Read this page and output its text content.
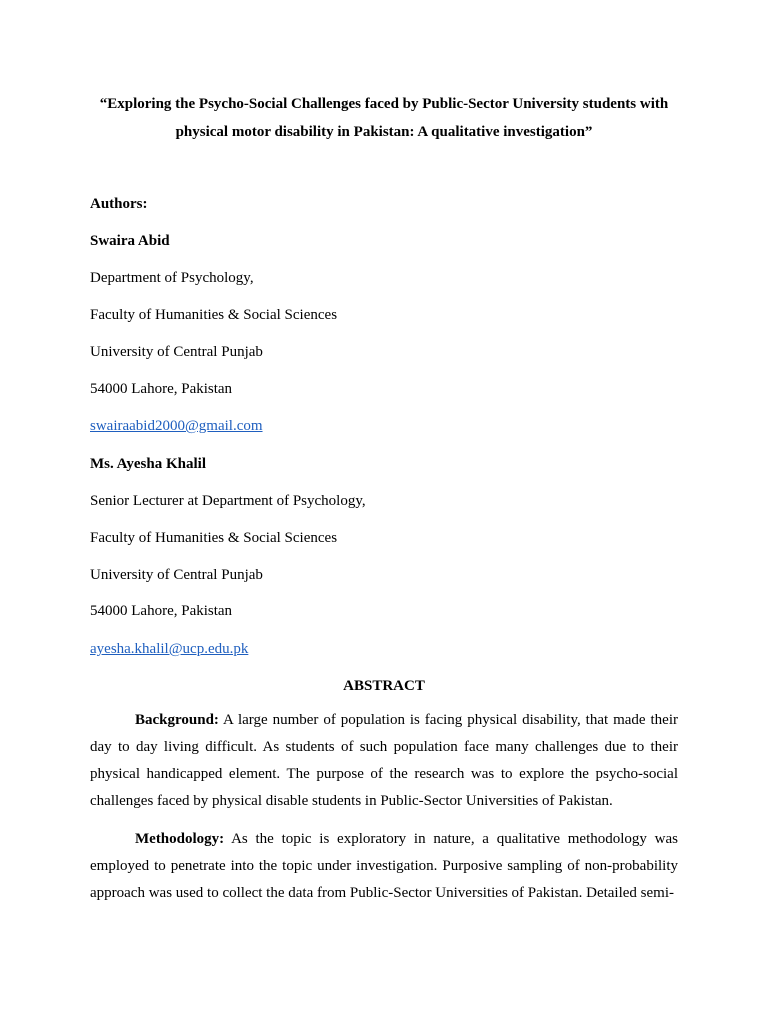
“Exploring the Psycho-Social Challenges faced by Public-Sector University students with
physical motor disability in Pakistan: A qualitative investigation”
Authors:
Swaira Abid
Department of Psychology,
Faculty of Humanities & Social Sciences
University of Central Punjab
54000 Lahore, Pakistan
swairaabid2000@gmail.com
Ms. Ayesha Khalil
Senior Lecturer at Department of Psychology,
Faculty of Humanities & Social Sciences
University of Central Punjab
54000 Lahore, Pakistan
ayesha.khalil@ucp.edu.pk
ABSTRACT
Background: A large number of population is facing physical disability, that made their day to day living difficult. As students of such population face many challenges due to their physical handicapped element. The purpose of the research was to explore the psycho-social challenges faced by physical disable students in Public-Sector Universities of Pakistan.
Methodology: As the topic is exploratory in nature, a qualitative methodology was employed to penetrate into the topic under investigation. Purposive sampling of non-probability approach was used to collect the data from Public-Sector Universities of Pakistan. Detailed semi-
